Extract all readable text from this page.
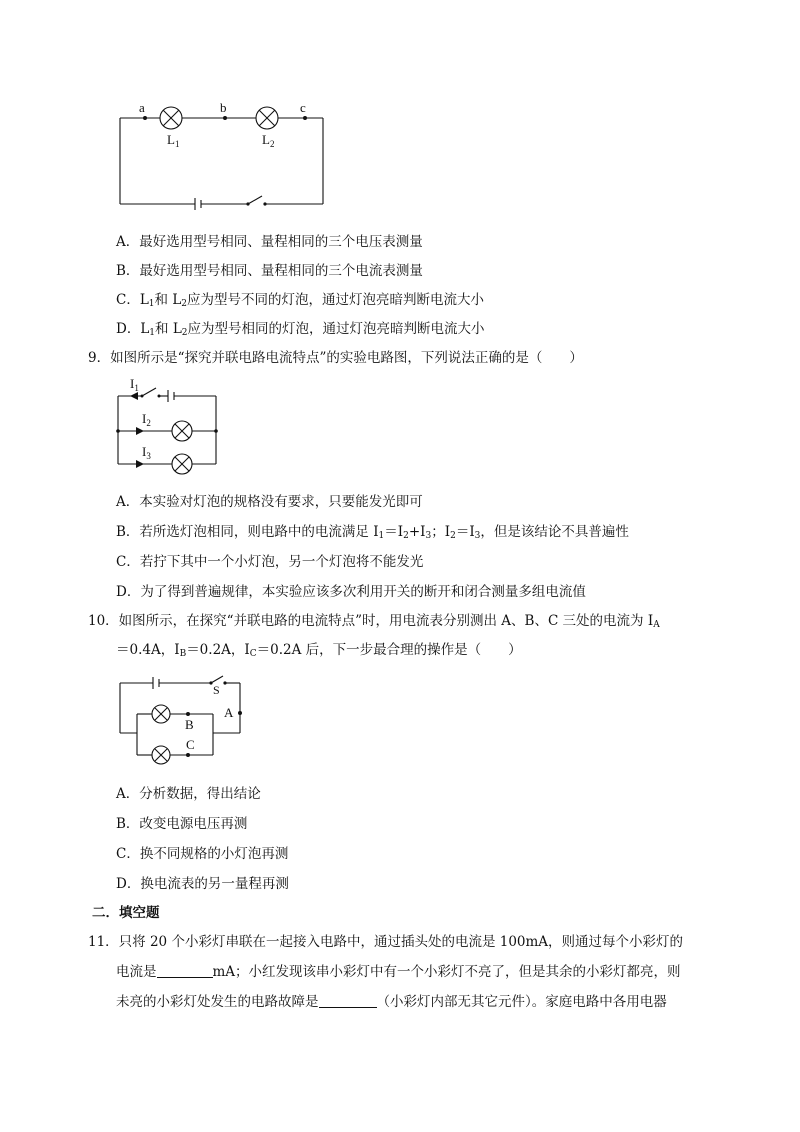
a	b	c
$L_1$	$L_2$
A．最好选用型号相同、量程相同的三个电压表测量
B．最好选用型号相同、量程相同的三个电流表测量
C．$L_1$和 $L_2$应为型号不同的灯泡，通过灯泡亮暗判断电流大小
D．$L_1$和 $L_2$应为型号相同的灯泡，通过灯泡亮暗判断电流大小
9．如图所示是“探究并联电路电流特点”的实验电路图，下列说法正确的是（　　）
$I_1$
$I_2$
$I_3$
A．本实验对灯泡的规格没有要求，只要能发光即可
B．若所选灯泡相同，则电路中的电流满足 $I_1=I_2+I_3$；$I_2=I_3$，但是该结论不具普遍性
C．若拧下其中一个小灯泡，另一个灯泡将不能发光
D．为了得到普遍规律，本实验应该多次利用开关的断开和闭合测量多组电流值
10．如图所示，在探究“并联电路的电流特点”时，用电流表分别测出 A、B、C 三处的电流为 $I_A$
＝0.4A，$I_B=0.2A$，$I_C=0.2A$ 后，下一步最合理的操作是（　　）
S
A
B
C
A．分析数据，得出结论
B．改变电源电压再测
C．换不同规格的小灯泡再测
D．换电流表的另一量程再测
二．填空题
11．只将 20 个小彩灯串联在一起接入电路中，通过插头处的电流是 100mA，则通过每个小彩灯的
电流是	mA；小红发现该串小彩灯中有一个小彩灯不亮了，但是其余的小彩灯都亮，则
未亮的小彩灯处发生的电路故障是	（小彩灯内部无其它元件）。家庭电路中各用电器
